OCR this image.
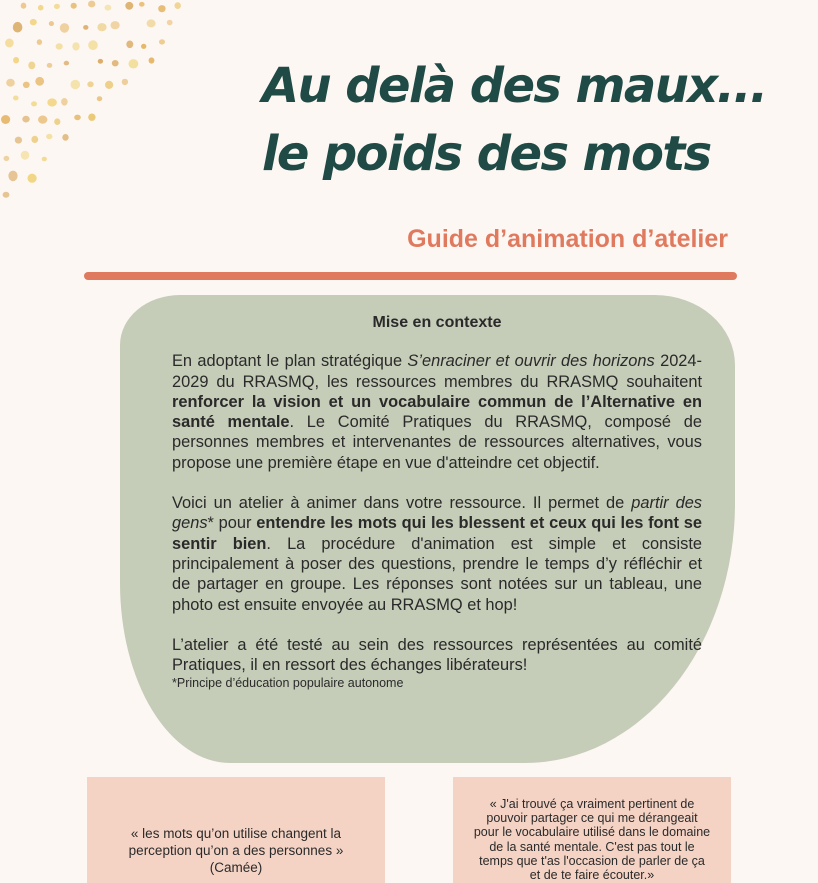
Au delà des maux...
le poids des mots
Guide d’animation d’atelier
Mise en contexte

En adoptant le plan stratégique S’enraciner et ouvrir des horizons 2024-2029 du RRASMQ, les ressources membres du RRASMQ souhaitent renforcer la vision et un vocabulaire commun de l’Alternative en santé mentale. Le Comité Pratiques du RRASMQ, composé de personnes membres et intervenantes de ressources alternatives, vous propose une première étape en vue d'atteindre cet objectif.

Voici un atelier à animer dans votre ressource. Il permet de partir des gens* pour entendre les mots qui les blessent et ceux qui les font se sentir bien. La procédure d'animation est simple et consiste principalement à poser des questions, prendre le temps d’y réfléchir et de partager en groupe. Les réponses sont notées sur un tableau, une photo est ensuite envoyée au RRASMQ et hop!

L’atelier a été testé au sein des ressources représentées au comité Pratiques, il en ressort des échanges libérateurs!

*Principe d’éducation populaire autonome
« les mots qu’on utilise changent la perception qu’on a des personnes » (Camée)
« J'ai trouvé ça vraiment pertinent de pouvoir partager ce qui me dérangeait pour le vocabulaire utilisé dans le domaine de la santé mentale. C'est pas tout le temps que t'as l'occasion de parler de ça et de te faire écouter.»
